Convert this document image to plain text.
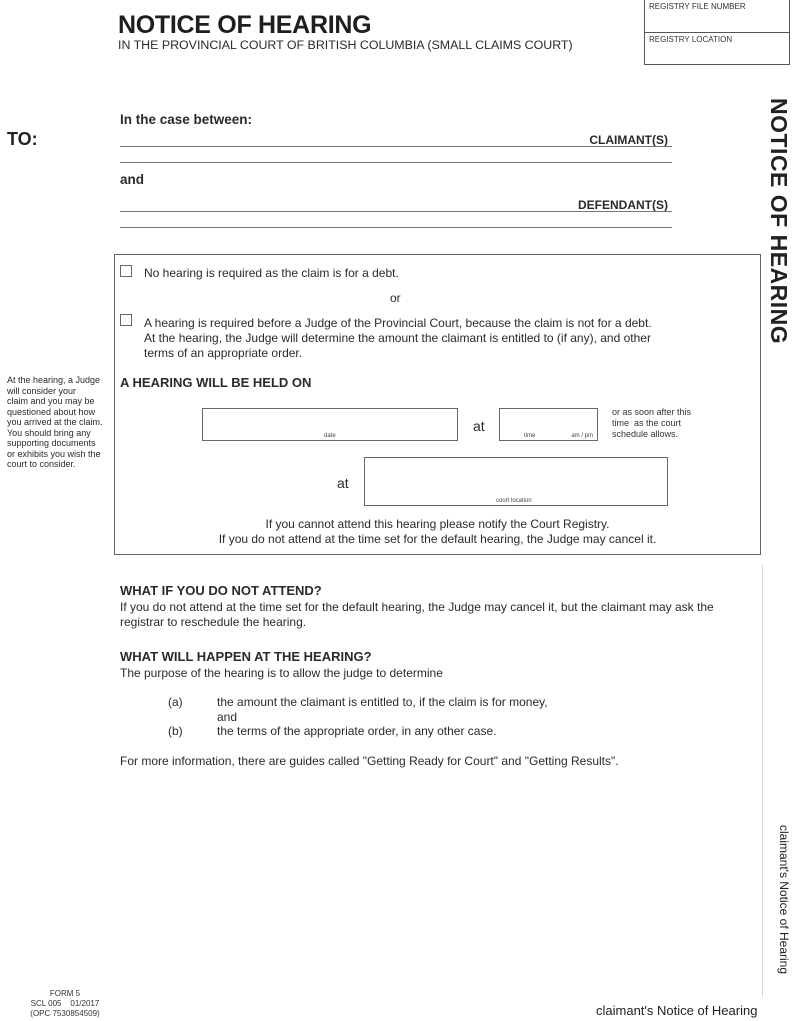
NOTICE OF HEARING
IN THE PROVINCIAL COURT OF BRITISH COLUMBIA (SMALL CLAIMS COURT)
REGISTRY FILE NUMBER
REGISTRY LOCATION
TO:
In the case between:
CLAIMANT(S)
and
DEFENDANT(S)	NOTICE OF HEARING
At the hearing, a Judge
will consider your
claim and you may be
questioned about how
you arrived at the claim.
You should bring any
supporting documents
or exhibits you wish the
court to consider.
No hearing is required as the claim is for a debt.
or
A hearing is required before a Judge of the Provincial Court, because the claim is not for a debt.
At the hearing, the Judge will determine the amount the claimant is entitled to (if any), and other
terms of an appropriate order.
A HEARING WILL BE HELD ON
date
at
time	am / pm
or as soon after this
time  as the court
schedule allows.
at
court location
If you cannot attend this hearing please notify the Court Registry.
If you do not attend at the time set for the default hearing, the Judge may cancel it.
WHAT IF YOU DO NOT ATTEND?
If you do not attend at the time set for the default hearing, the Judge may cancel it, but the claimant may ask the
registrar to reschedule the hearing.
WHAT WILL HAPPEN AT THE HEARING?
The purpose of the hearing is to allow the judge to determine
(a)	the amount the claimant is entitled to, if the claim is for money,
and
(b)	the terms of the appropriate order, in any other case.
For more information, there are guides called "Getting Ready for Court" and "Getting Results".
claimant's Notice of Hearing
FORM 5
SCL 005    01/2017
(OPC 7530854509)	claimant's Notice of Hearing
